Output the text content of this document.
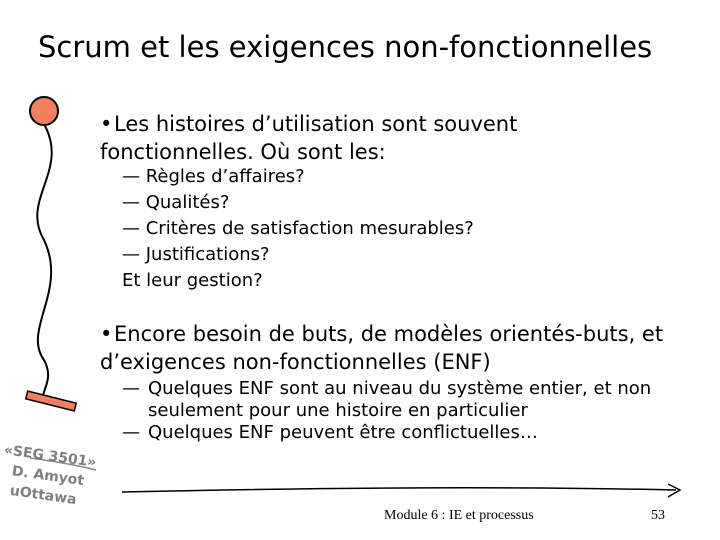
Scrum et les exigences non-fonctionnelles
•Les histoires d’utilisation sont souvent fonctionnelles. Où sont les:
— Règles d’affaires?
— Qualités?
— Critères de satisfaction mesurables?
— Justifications?
Et leur gestion?
•Encore besoin de buts, de modèles orientés-buts, et d’exigences non-fonctionnelles (ENF)
— Quelques ENF sont au niveau du système entier, et non seulement pour une histoire en particulier
— Quelques ENF peuvent être conflictuelles…
«SEG 3501»
D. Amyot
uOttawa
Module 6 : IE et processus	53
